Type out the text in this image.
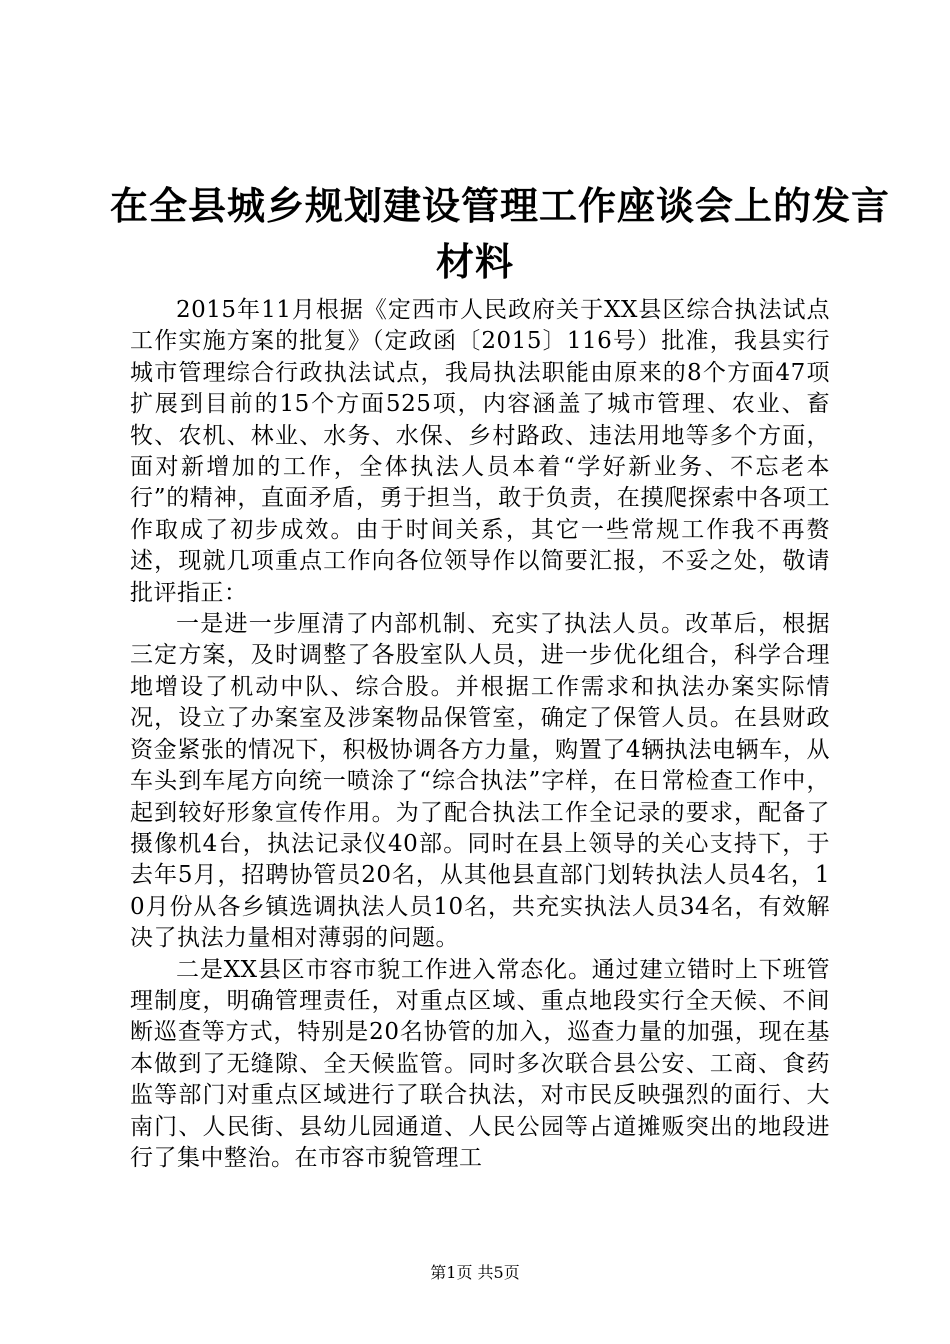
在全县城乡规划建设管理工作座谈会上的发言
材料

2015年11月根据《定西市人民政府关于XX县区综合执法试点工作实施方案的批复》（定政函〔2015〕116号）批准，我县实行城市管理综合行政执法试点，我局执法职能由原来的8个方面47项扩展到目前的15个方面525项，内容涵盖了城市管理、农业、畜牧、农机、林业、水务、水保、乡村路政、违法用地等多个方面，面对新增加的工作，全体执法人员本着“学好新业务、不忘老本行”的精神，直面矛盾，勇于担当，敢于负责，在摸爬探索中各项工作取成了初步成效。由于时间关系，其它一些常规工作我不再赘述，现就几项重点工作向各位领导作以简要汇报，不妥之处，敬请批评指正：

一是进一步厘清了内部机制、充实了执法人员。改革后，根据三定方案，及时调整了各股室队人员，进一步优化组合，科学合理地增设了机动中队、综合股。并根据工作需求和执法办案实际情况，设立了办案室及涉案物品保管室，确定了保管人员。在县财政资金紧张的情况下，积极协调各方力量，购置了4辆执法电辆车，从车头到车尾方向统一喷涂了“综合执法”字样，在日常检查工作中，起到较好形象宣传作用。为了配合执法工作全记录的要求，配备了摄像机4台，执法记录仪40部。同时在县上领导的关心支持下，于去年5月，招聘协管员20名，从其他县直部门划转执法人员4名，10月份从各乡镇选调执法人员10名，共充实执法人员34名，有效解决了执法力量相对薄弱的问题。

二是XX县区市容市貌工作进入常态化。通过建立错时上下班管理制度，明确管理责任，对重点区域、重点地段实行全天候、不间断巡查等方式，特别是20名协管的加入，巡查力量的加强，现在基本做到了无缝隙、全天候监管。同时多次联合县公安、工商、食药监等部门对重点区域进行了联合执法，对市民反映强烈的面行、大南门、人民街、县幼儿园通道、人民公园等占道摊贩突出的地段进行了集中整治。在市容市貌管理工

第1页 共5页
